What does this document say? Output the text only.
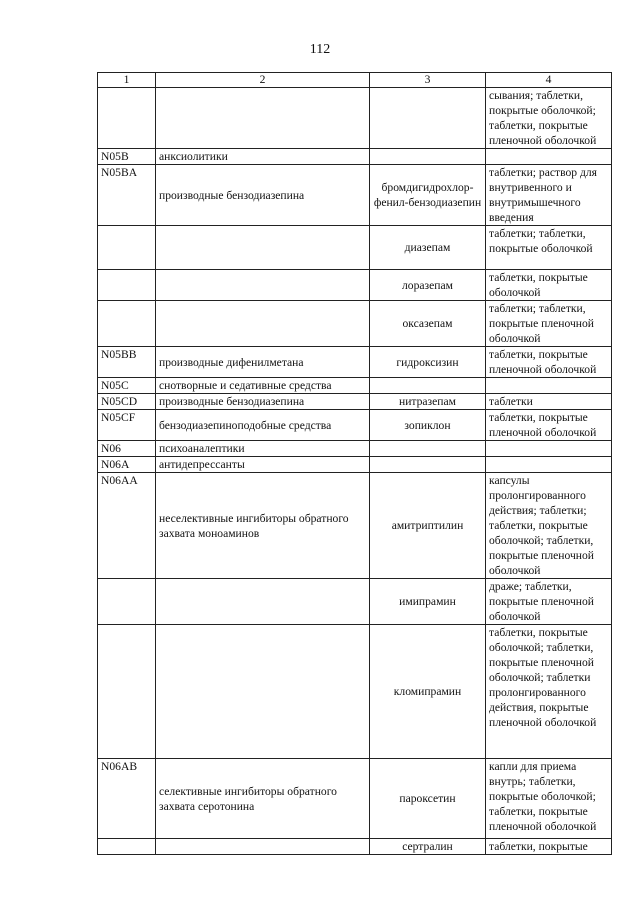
112
1	2	3	4
			сывания; таблетки, покрытые оболочкой; таблетки, покрытые пленочной оболочкой
N05B	анксиолитики		
N05BA	производные бензодиазепина	бромдигидрохлор-фенил-бензодиазепин	таблетки; раствор для внутривенного и внутримышечного введения
		диазепам	таблетки; таблетки, покрытые оболочкой
		лоразепам	таблетки, покрытые оболочкой
		оксазепам	таблетки; таблетки, покрытые пленочной оболочкой
N05BB	производные дифенилметана	гидроксизин	таблетки, покрытые пленочной оболочкой
N05C	снотворные и седативные средства		
N05CD	производные бензодиазепина	нитразепам	таблетки
N05CF	бензодиазепиноподобные средства	зопиклон	таблетки, покрытые пленочной оболочкой
N06	психоаналептики		
N06A	антидепрессанты		
N06AA	неселективные ингибиторы обратного захвата моноаминов	амитриптилин	капсулы пролонгированного действия; таблетки; таблетки, покрытые оболочкой; таблетки, покрытые пленочной оболочкой
		имипрамин	драже; таблетки, покрытые пленочной оболочкой
		кломипрамин	таблетки, покрытые оболочкой; таблетки, покрытые пленочной оболочкой; таблетки пролонгированного действия, покрытые пленочной оболочкой
N06AB	селективные ингибиторы обратного захвата серотонина	пароксетин	капли для приема внутрь; таблетки, покрытые оболочкой; таблетки, покрытые пленочной оболочкой
		сертралин	таблетки, покрытые
